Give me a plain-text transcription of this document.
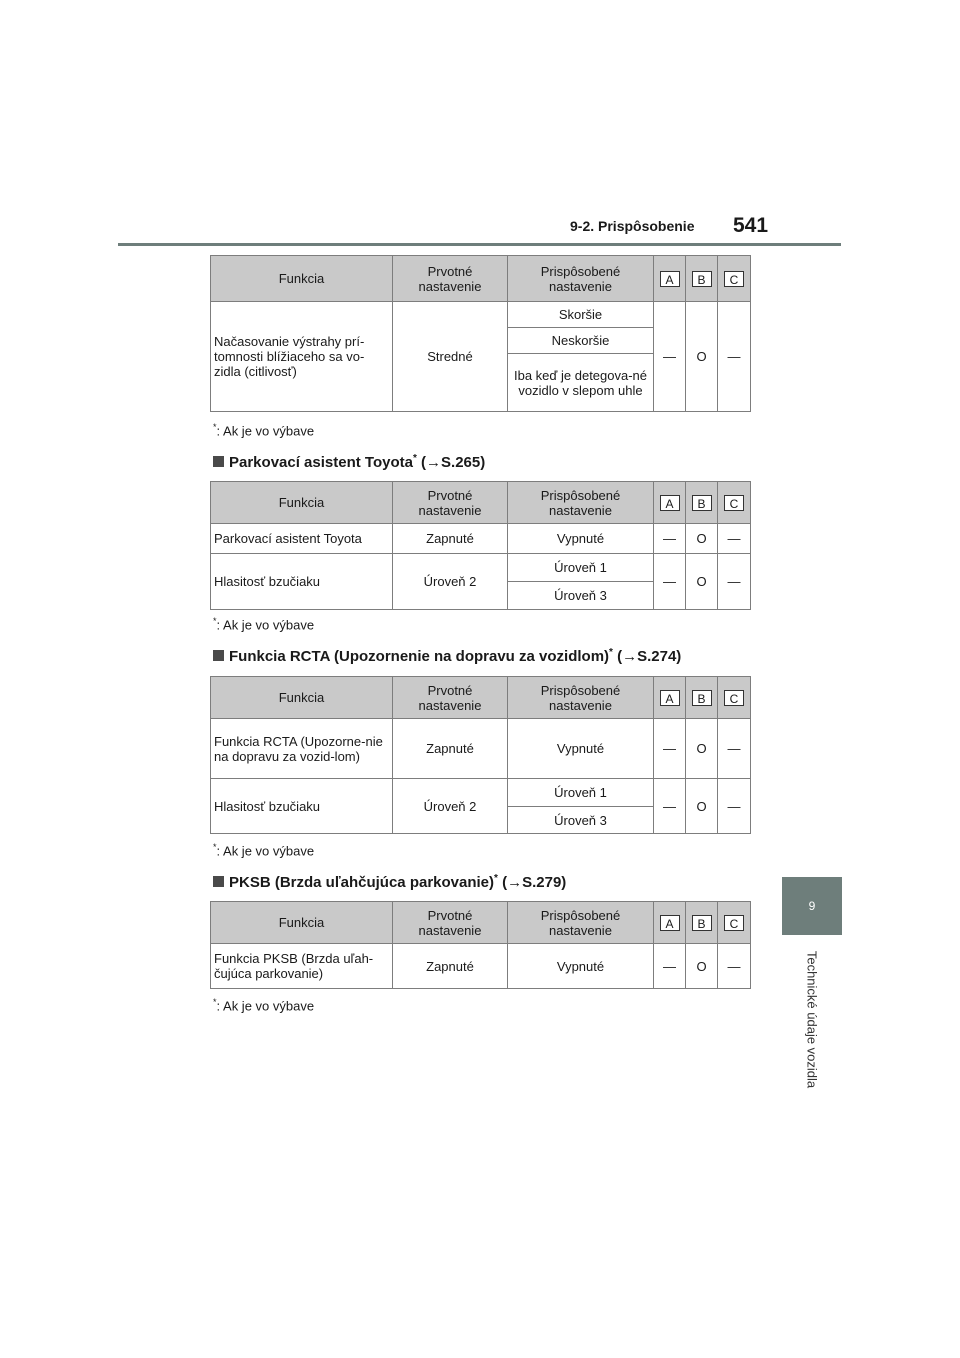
9-2. Prispôsobenie 541
9
Technické údaje vozidla
Funkcia	Prvotné nastavenie	Prispôsobené nastavenie	A	B	C
Načasovanie výstrahy prí-tomnosti blížiaceho sa vo-zidla (citlivosť)	Stredné	Skoršie	—	O	—
		Neskoršie			
		Iba keď je detegova-né vozidlo v slepom uhle			
*: Ak je vo výbave
Parkovací asistent Toyota* (→S.265)
Funkcia	Prvotné nastavenie	Prispôsobené nastavenie	A	B	C
Parkovací asistent Toyota	Zapnuté	Vypnuté	—	O	—
Hlasitosť bzučiaku	Úroveň 2	Úroveň 1	—	O	—
		Úroveň 3			
*: Ak je vo výbave
Funkcia RCTA (Upozornenie na dopravu za vozidlom)* (→S.274)
Funkcia	Prvotné nastavenie	Prispôsobené nastavenie	A	B	C
Funkcia RCTA (Upozorne-nie na dopravu za vozid-lom)	Zapnuté	Vypnuté	—	O	—
Hlasitosť bzučiaku	Úroveň 2	Úroveň 1	—	O	—
		Úroveň 3			
*: Ak je vo výbave
PKSB (Brzda uľahčujúca parkovanie)* (→S.279)
Funkcia	Prvotné nastavenie	Prispôsobené nastavenie	A	B	C
Funkcia PKSB (Brzda uľah-čujúca parkovanie)	Zapnuté	Vypnuté	—	O	—
*: Ak je vo výbave
